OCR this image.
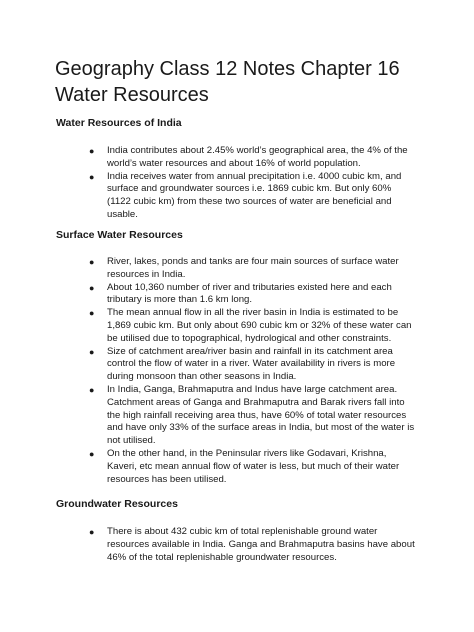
Geography Class 12 Notes Chapter 16 Water Resources
Water Resources of India
● India contributes about 2.45% world’s geographical area, the 4% of the world’s water resources and about 16% of world population.
● India receives water from annual precipitation i.e. 4000 cubic km, and surface and groundwater sources i.e. 1869 cubic km. But only 60% (1122 cubic km) from these two sources of water are beneficial and usable.
Surface Water Resources
● River, lakes, ponds and tanks are four main sources of surface water resources in India.
● About 10,360 number of river and tributaries existed here and each tributary is more than 1.6 km long.
● The mean annual flow in all the river basin in India is estimated to be 1,869 cubic km. But only about 690 cubic km or 32% of these water can be utilised due to topographical, hydrological and other constraints.
● Size of catchment area/river basin and rainfall in its catchment area control the flow of water in a river. Water availability in rivers is more during monsoon than other seasons in India.
● In India, Ganga, Brahmaputra and Indus have large catchment area. Catchment areas of Ganga and Brahmaputra and Barak rivers fall into the high rainfall receiving area thus, have 60% of total water resources and have only 33% of the surface areas in India, but most of the water is not utilised.
● On the other hand, in the Peninsular rivers like Godavari, Krishna, Kaveri, etc mean annual flow of water is less, but much of their water resources has been utilised.
Groundwater Resources
● There is about 432 cubic km of total replenishable ground water resources available in India. Ganga and Brahmaputra basins have about 46% of the total replenishable groundwater resources.
